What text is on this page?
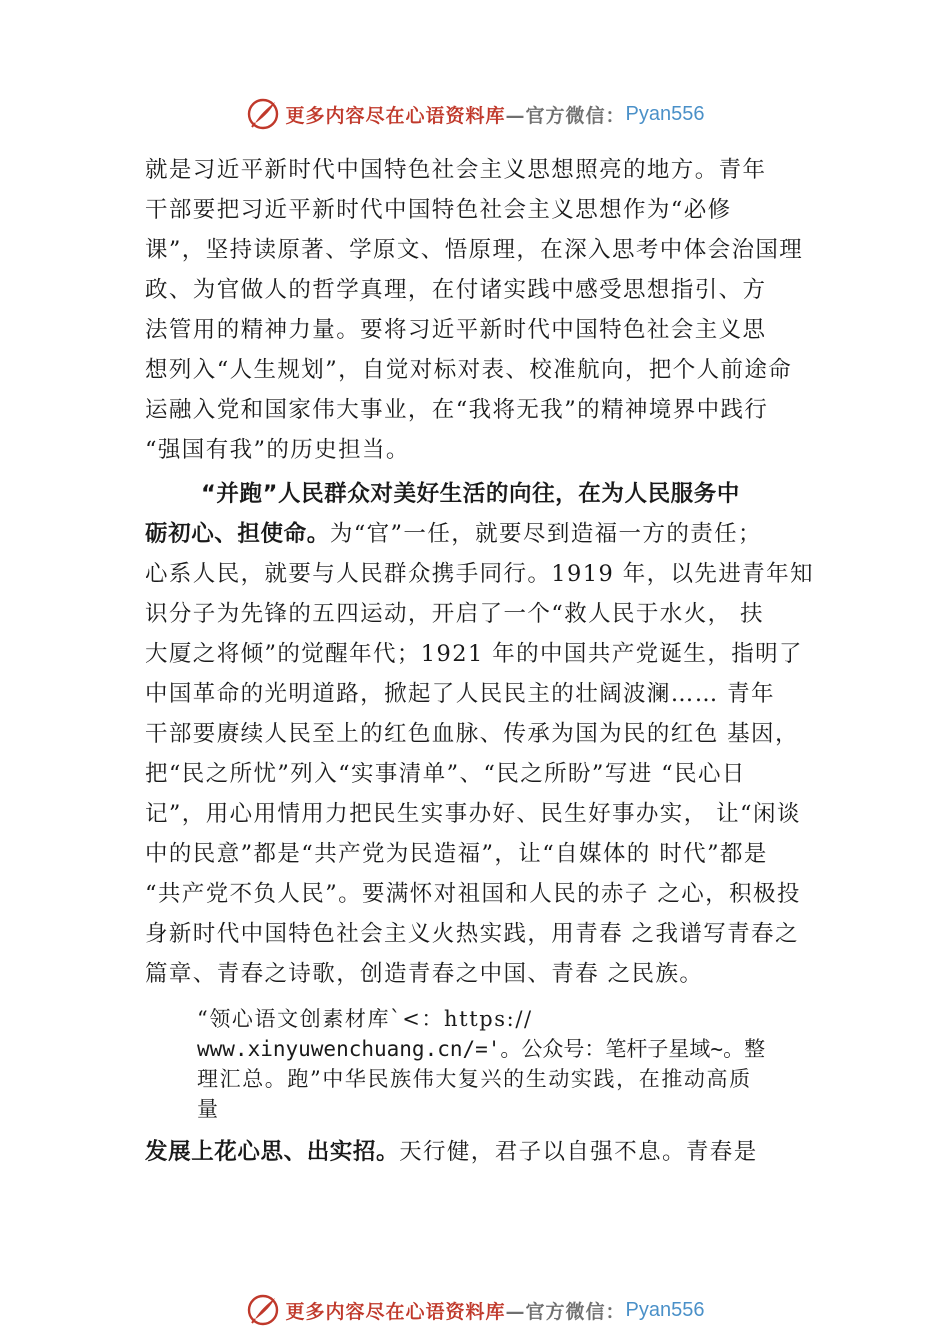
更多内容尽在心语资料库 —官方微信： Pyan556
就是习近平新时代中国特色社会主义思想照亮的地方。青年
干部要把习近平新时代中国特色社会主义思想作为“必修
课”，坚持读原著、学原文、悟原理，在深入思考中体会治国理
政、为官做人的哲学真理，在付诸实践中感受思想指引、方
法管用的精神力量。要将习近平新时代中国特色社会主义思
想列入“人生规划”，自觉对标对表、校准航向，把个人前途命
运融入党和国家伟大事业，在“我将无我”的精神境界中践行
“强国有我”的历史担当。
“并跑”人民群众对美好生活的向往，在为人民服务中
砺初心、担使命。为“官”一任，就要尽到造福一方的责任；
心系人民，就要与人民群众携手同行。1919 年，以先进青年知
识分子为先锋的五四运动，开启了一个“救人民于水火， 扶
大厦之将倾”的觉醒年代；1921 年的中国共产党诞生，指明了
中国革命的光明道路，掀起了人民民主的壮阔波澜…… 青年
干部要赓续人民至上的红色血脉、传承为国为民的红色 基因，
把“民之所忧”列入“实事清单”、“民之所盼”写进 “民心日
记”，用心用情用力把民生实事办好、民生好事办实， 让“闲谈
中的民意”都是“共产党为民造福”，让“自媒体的 时代”都是
“共产党不负人民”。要满怀对祖国和人民的赤子 之心，积极投
身新时代中国特色社会主义火热实践，用青春 之我谱写青春之
篇章、青春之诗歌，创造青春之中国、青春 之民族。
“领心语文创素材库`<：https://
www.xinyuwenchuang.cn/='。公众号：笔杆子星域~。整
理汇总。跑”中华民族伟大复兴的生动实践，在推动高质
量
发展上花心思、出实招。天行健，君子以自强不息。青春是
更多内容尽在心语资料库 —官方微信： Pyan556
